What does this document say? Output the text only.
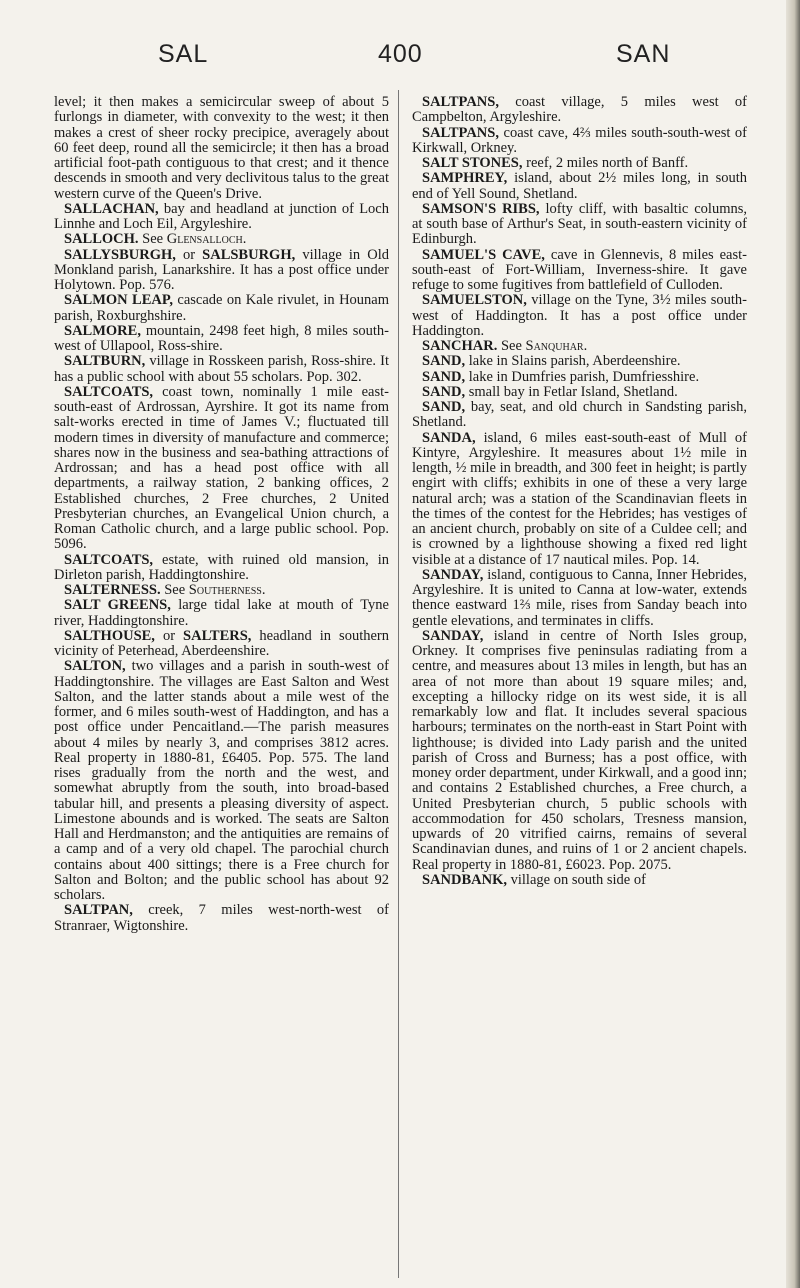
SAL	400	SAN

level; it then makes a semicircular sweep of about 5 furlongs in diameter, with convexity to the west; it then makes a crest of sheer rocky precipice, averagely about 60 feet deep, round all the semicircle; it then has a broad artificial foot-path contiguous to that crest; and it thence descends in smooth and very declivitous talus to the great western curve of the Queen's Drive.

SALLACHAN, bay and headland at junction of Loch Linnhe and Loch Eil, Argyleshire.

SALLOCH. See Glensalloch.

SALLYSBURGH, or SALSBURGH, village in Old Monkland parish, Lanarkshire. It has a post office under Holytown. Pop. 576.

SALMON LEAP, cascade on Kale rivulet, in Hounam parish, Roxburghshire.

SALMORE, mountain, 2498 feet high, 8 miles south-west of Ullapool, Ross-shire.

SALTBURN, village in Rosskeen parish, Ross-shire. It has a public school with about 55 scholars. Pop. 302.

SALTCOATS, coast town, nominally 1 mile east-south-east of Ardrossan, Ayrshire. It got its name from salt-works erected in time of James V.; fluctuated till modern times in diversity of manufacture and commerce; shares now in the business and sea-bathing attractions of Ardrossan; and has a head post office with all departments, a railway station, 2 banking offices, 2 Established churches, 2 Free churches, 2 United Presbyterian churches, an Evangelical Union church, a Roman Catholic church, and a large public school. Pop. 5096.

SALTCOATS, estate, with ruined old mansion, in Dirleton parish, Haddingtonshire.

SALTERNESS. See Southerness.

SALT GREENS, large tidal lake at mouth of Tyne river, Haddingtonshire.

SALTHOUSE, or SALTERS, headland in southern vicinity of Peterhead, Aberdeenshire.

SALTON, two villages and a parish in south-west of Haddingtonshire. The villages are East Salton and West Salton, and the latter stands about a mile west of the former, and 6 miles south-west of Haddington, and has a post office under Pencaitland.—The parish measures about 4 miles by nearly 3, and comprises 3812 acres. Real property in 1880-81, £6405. Pop. 575. The land rises gradually from the north and the west, and somewhat abruptly from the south, into broad-based tabular hill, and presents a pleasing diversity of aspect. Limestone abounds and is worked. The seats are Salton Hall and Herdmanston; and the antiquities are remains of a camp and of a very old chapel. The parochial church contains about 400 sittings; there is a Free church for Salton and Bolton; and the public school has about 92 scholars.

SALTPAN, creek, 7 miles west-north-west of Stranraer, Wigtonshire.

SALTPANS, coast village, 5 miles west of Campbelton, Argyleshire.

SALTPANS, coast cave, 4⅔ miles south-south-west of Kirkwall, Orkney.

SALT STONES, reef, 2 miles north of Banff.

SAMPHREY, island, about 2½ miles long, in south end of Yell Sound, Shetland.

SAMSON'S RIBS, lofty cliff, with basaltic columns, at south base of Arthur's Seat, in south-eastern vicinity of Edinburgh.

SAMUEL'S CAVE, cave in Glennevis, 8 miles east-south-east of Fort-William, Inverness-shire. It gave refuge to some fugitives from battlefield of Culloden.

SAMUELSTON, village on the Tyne, 3½ miles south-west of Haddington. It has a post office under Haddington.

SANCHAR. See Sanquhar.

SAND, lake in Slains parish, Aberdeenshire.

SAND, lake in Dumfries parish, Dumfriesshire.

SAND, small bay in Fetlar Island, Shetland.

SAND, bay, seat, and old church in Sandsting parish, Shetland.

SANDA, island, 6 miles east-south-east of Mull of Kintyre, Argyleshire. It measures about 1½ mile in length, ½ mile in breadth, and 300 feet in height; is partly engirt with cliffs; exhibits in one of these a very large natural arch; was a station of the Scandinavian fleets in the times of the contest for the Hebrides; has vestiges of an ancient church, probably on site of a Culdee cell; and is crowned by a lighthouse showing a fixed red light visible at a distance of 17 nautical miles. Pop. 14.

SANDAY, island, contiguous to Canna, Inner Hebrides, Argyleshire. It is united to Canna at low-water, extends thence eastward 1⅔ mile, rises from Sanday beach into gentle elevations, and terminates in cliffs.

SANDAY, island in centre of North Isles group, Orkney. It comprises five peninsulas radiating from a centre, and measures about 13 miles in length, but has an area of not more than about 19 square miles; and, excepting a hillocky ridge on its west side, it is all remarkably low and flat. It includes several spacious harbours; terminates on the north-east in Start Point with lighthouse; is divided into Lady parish and the united parish of Cross and Burness; has a post office, with money order department, under Kirkwall, and a good inn; and contains 2 Established churches, a Free church, a United Presbyterian church, 5 public schools with accommodation for 450 scholars, Tresness mansion, upwards of 20 vitrified cairns, remains of several Scandinavian dunes, and ruins of 1 or 2 ancient chapels. Real property in 1880-81, £6023. Pop. 2075.

SANDBANK, village on south side of
